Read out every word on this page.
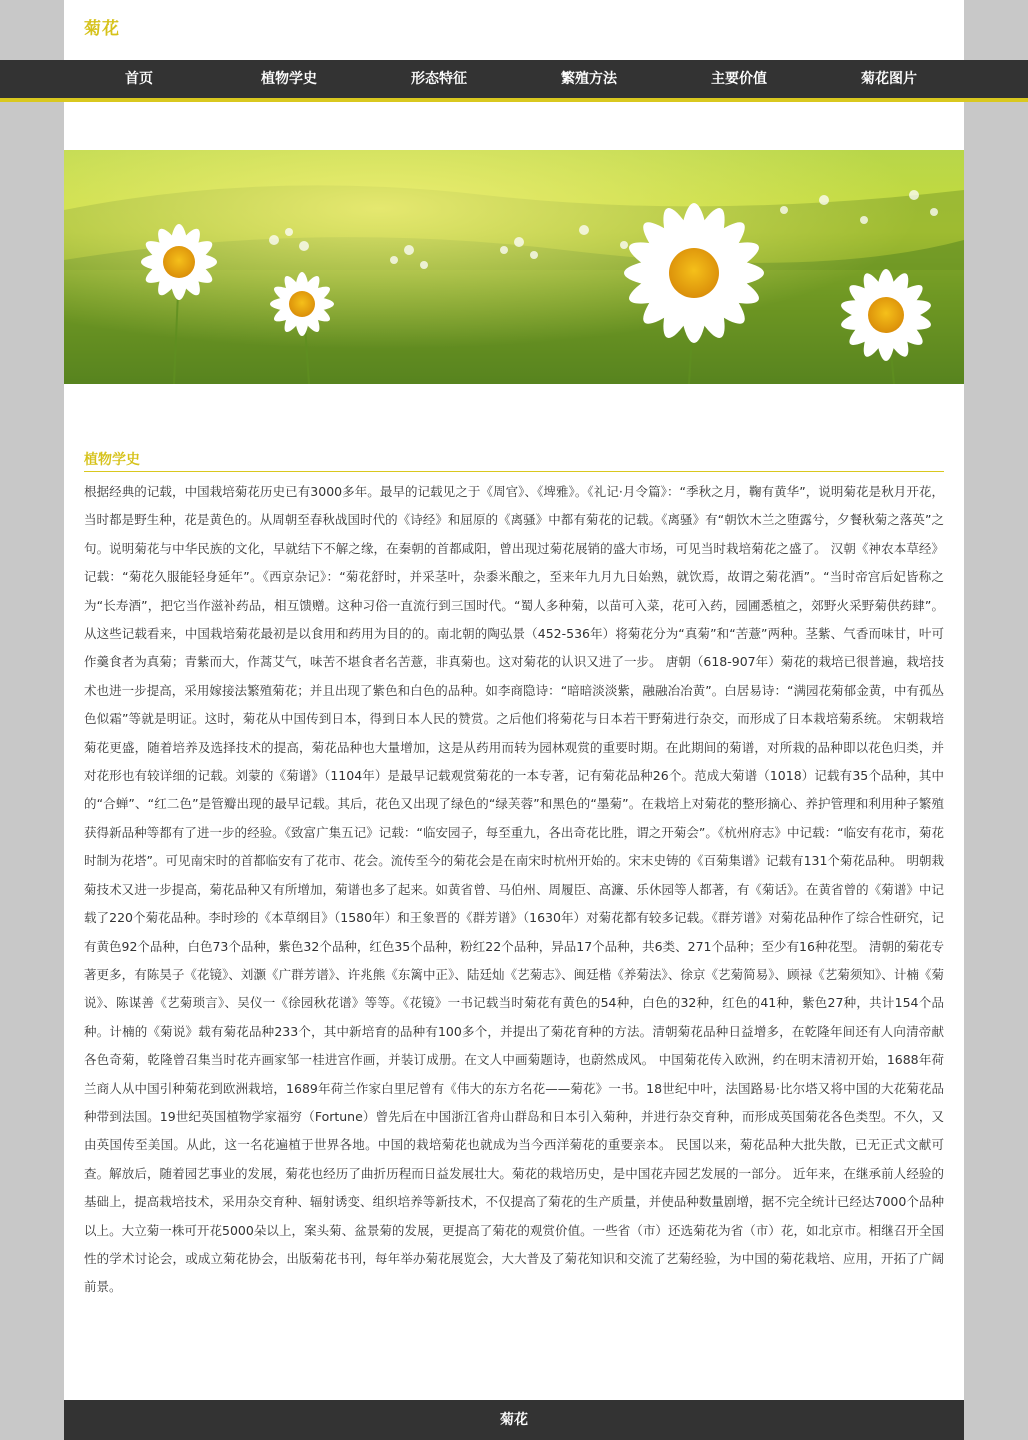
菊花
首页	植物学史	形态特征	繁殖方法	主要价值	菊花图片
植物学史

根据经典的记载，中国栽培菊花历史已有3000多年。最早的记载见之于《周官》、《埤雅》。《礼记·月令篇》：“季秋之月，鞠有黄华”，说明菊花是秋月开花，当时都是野生种，花是黄色的。从周朝至春秋战国时代的《诗经》和屈原的《离骚》中都有菊花的记载。《离骚》有“朝饮木兰之堕露兮，夕餐秋菊之落英”之句。说明菊花与中华民族的文化，早就结下不解之缘，在秦朝的首都咸阳，曾出现过菊花展销的盛大市场，可见当时栽培菊花之盛了。 汉朝《神农本草经》记载：“菊花久服能轻身延年”。《西京杂记》：“菊花舒时，并采茎叶，杂黍米酿之，至来年九月九日始熟，就饮焉，故谓之菊花酒”。“当时帝宫后妃皆称之为“长寿酒”，把它当作滋补药品，相互馈赠。这种习俗一直流行到三国时代。“蜀人多种菊，以苗可入菜，花可入药，园圃悉植之，郊野火采野菊供药肆”。从这些记载看来，中国栽培菊花最初是以食用和药用为目的的。南北朝的陶弘景（452-536年）将菊花分为“真菊”和“苦薏”两种。茎紫、气香而味甘，叶可作羹食者为真菊；青紫而大，作蒿艾气，味苦不堪食者名苦薏，非真菊也。这对菊花的认识又进了一步。 唐朝（618-907年）菊花的栽培已很普遍，栽培技术也进一步提高，采用嫁接法繁殖菊花；并且出现了紫色和白色的品种。如李商隐诗：“暗暗淡淡紫，融融冶冶黄”。白居易诗：“满园花菊郁金黄，中有孤丛色似霜”等就是明证。这时，菊花从中国传到日本，得到日本人民的赞赏。之后他们将菊花与日本若干野菊进行杂交，而形成了日本栽培菊系统。 宋朝栽培菊花更盛，随着培养及选择技术的提高，菊花品种也大量增加，这是从药用而转为园林观赏的重要时期。在此期间的菊谱，对所栽的品种即以花色归类，并对花形也有较详细的记载。刘蒙的《菊谱》（1104年）是最早记载观赏菊花的一本专著，记有菊花品种26个。范成大菊谱（1018）记载有35个品种，其中的“合蝉”、“红二色”是管瓣出现的最早记载。其后，花色又出现了绿色的“绿芙蓉”和黑色的“墨菊”。在栽培上对菊花的整形摘心、养护管理和利用种子繁殖获得新品种等都有了进一步的经验。《致富广集五记》记载：“临安园子，每至重九，各出奇花比胜，谓之开菊会”。《杭州府志》中记载：“临安有花市，菊花时制为花塔”。可见南宋时的首都临安有了花市、花会。流传至今的菊花会是在南宋时杭州开始的。宋末史铸的《百菊集谱》记载有131个菊花品种。 明朝栽菊技术又进一步提高，菊花品种又有所增加，菊谱也多了起来。如黄省曾、马伯州、周履臣、高濂、乐休园等人都著，有《菊话》。在黄省曾的《菊谱》中记载了220个菊花品种。李时珍的《本草纲目》（1580年）和王象晋的《群芳谱》（1630年）对菊花都有较多记载。《群芳谱》对菊花品种作了综合性研究，记有黄色92个品种，白色73个品种，紫色32个品种，红色35个品种，粉红22个品种，异品17个品种，共6类、271个品种；至少有16种花型。 清朝的菊花专著更多，有陈昊子《花镜》、刘灏《广群芳谱》、许兆熊《东篱中正》、陆廷灿《艺菊志》、闽廷楷《养菊法》、徐京《艺菊简易》、顾禄《艺菊须知》、计楠《菊说》、陈谋善《艺菊琐言》、吴仪一《徐园秋花谱》等等。《花镜》一书记载当时菊花有黄色的54种，白色的32种，红色的41种，紫色27种，共计154个品种。计楠的《菊说》载有菊花品种233个，其中新培育的品种有100多个，并提出了菊花育种的方法。清朝菊花品种日益增多，在乾隆年间还有人向清帝献各色奇菊，乾隆曾召集当时花卉画家邹一桂进宫作画，并装订成册。在文人中画菊题诗，也蔚然成风。 中国菊花传入欧洲，约在明末清初开始，1688年荷兰商人从中国引种菊花到欧洲栽培，1689年荷兰作家白里尼曾有《伟大的东方名花——菊花》一书。18世纪中叶，法国路易·比尔塔又将中国的大花菊花品种带到法国。19世纪英国植物学家福穷（Fortune）曾先后在中国浙江省舟山群岛和日本引入菊种，并进行杂交育种，而形成英国菊花各色类型。不久，又由英国传至美国。从此，这一名花遍植于世界各地。中国的栽培菊花也就成为当今西洋菊花的重要亲本。 民国以来，菊花品种大批失散，已无正式文献可查。解放后，随着园艺事业的发展，菊花也经历了曲折历程而日益发展壮大。菊花的栽培历史，是中国花卉园艺发展的一部分。 近年来，在继承前人经验的基础上，提高栽培技术，采用杂交育种、辐射诱变、组织培养等新技术，不仅提高了菊花的生产质量，并使品种数量剧增，据不完全统计已经达7000个品种以上。大立菊一株可开花5000朵以上，案头菊、盆景菊的发展，更提高了菊花的观赏价值。一些省（市）还选菊花为省（市）花，如北京市。相继召开全国性的学术讨论会，或成立菊花协会，出版菊花书刊，每年举办菊花展览会，大大普及了菊花知识和交流了艺菊经验，为中国的菊花栽培、应用，开拓了广阔前景。

菊花
